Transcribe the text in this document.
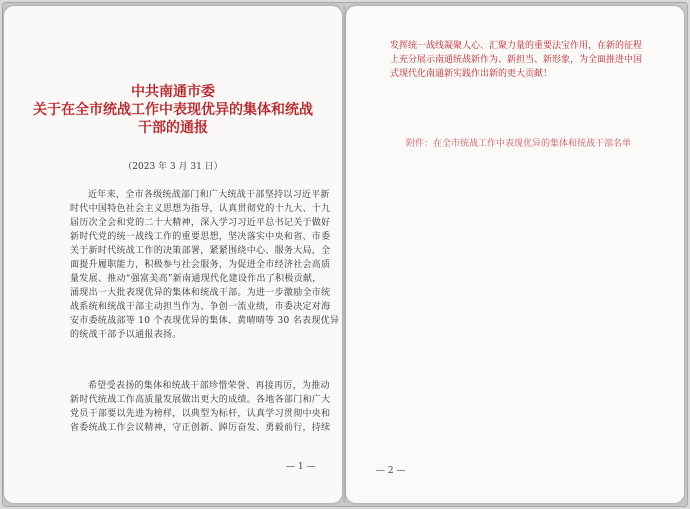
中共南通市委
关于在全市统战工作中表现优异的集体和统战
干部的通报
（2023 年 3 月 31 日）
近年来，全市各级统战部门和广大统战干部坚持以习近平新
时代中国特色社会主义思想为指导，认真贯彻党的十九大、十九
届历次全会和党的二十大精神，深入学习习近平总书记关于做好
新时代党的统一战线工作的重要思想，坚决落实中央和省、市委
关于新时代统战工作的决策部署，紧紧围绕中心、服务大局，全
面提升履职能力，积极参与社会服务，为促进全市经济社会高质
量发展、推动“强富美高”新南通现代化建设作出了积极贡献，
涌现出一大批表现优异的集体和统战干部。为进一步激励全市统
战系统和统战干部主动担当作为、争创一流业绩，市委决定对海
安市委统战部等 10 个表现优异的集体、黄晴晴等 30 名表现优异
的统战干部予以通报表扬。
希望受表扬的集体和统战干部珍惜荣誉、再接再厉，为推动
新时代统战工作高质量发展做出更大的成绩。各地各部门和广大
党员干部要以先进为榜样，以典型为标杆，认真学习贯彻中央和
省委统战工作会议精神，守正创新、踔厉奋发、勇毅前行，持续
— 1 —
发挥统一战线凝聚人心、汇聚力量的重要法宝作用，在新的征程
上充分展示南通统战新作为、新担当、新形象，为全面推进中国
式现代化南通新实践作出新的更大贡献！
附件：在全市统战工作中表现优异的集体和统战干部名单
— 2 —
